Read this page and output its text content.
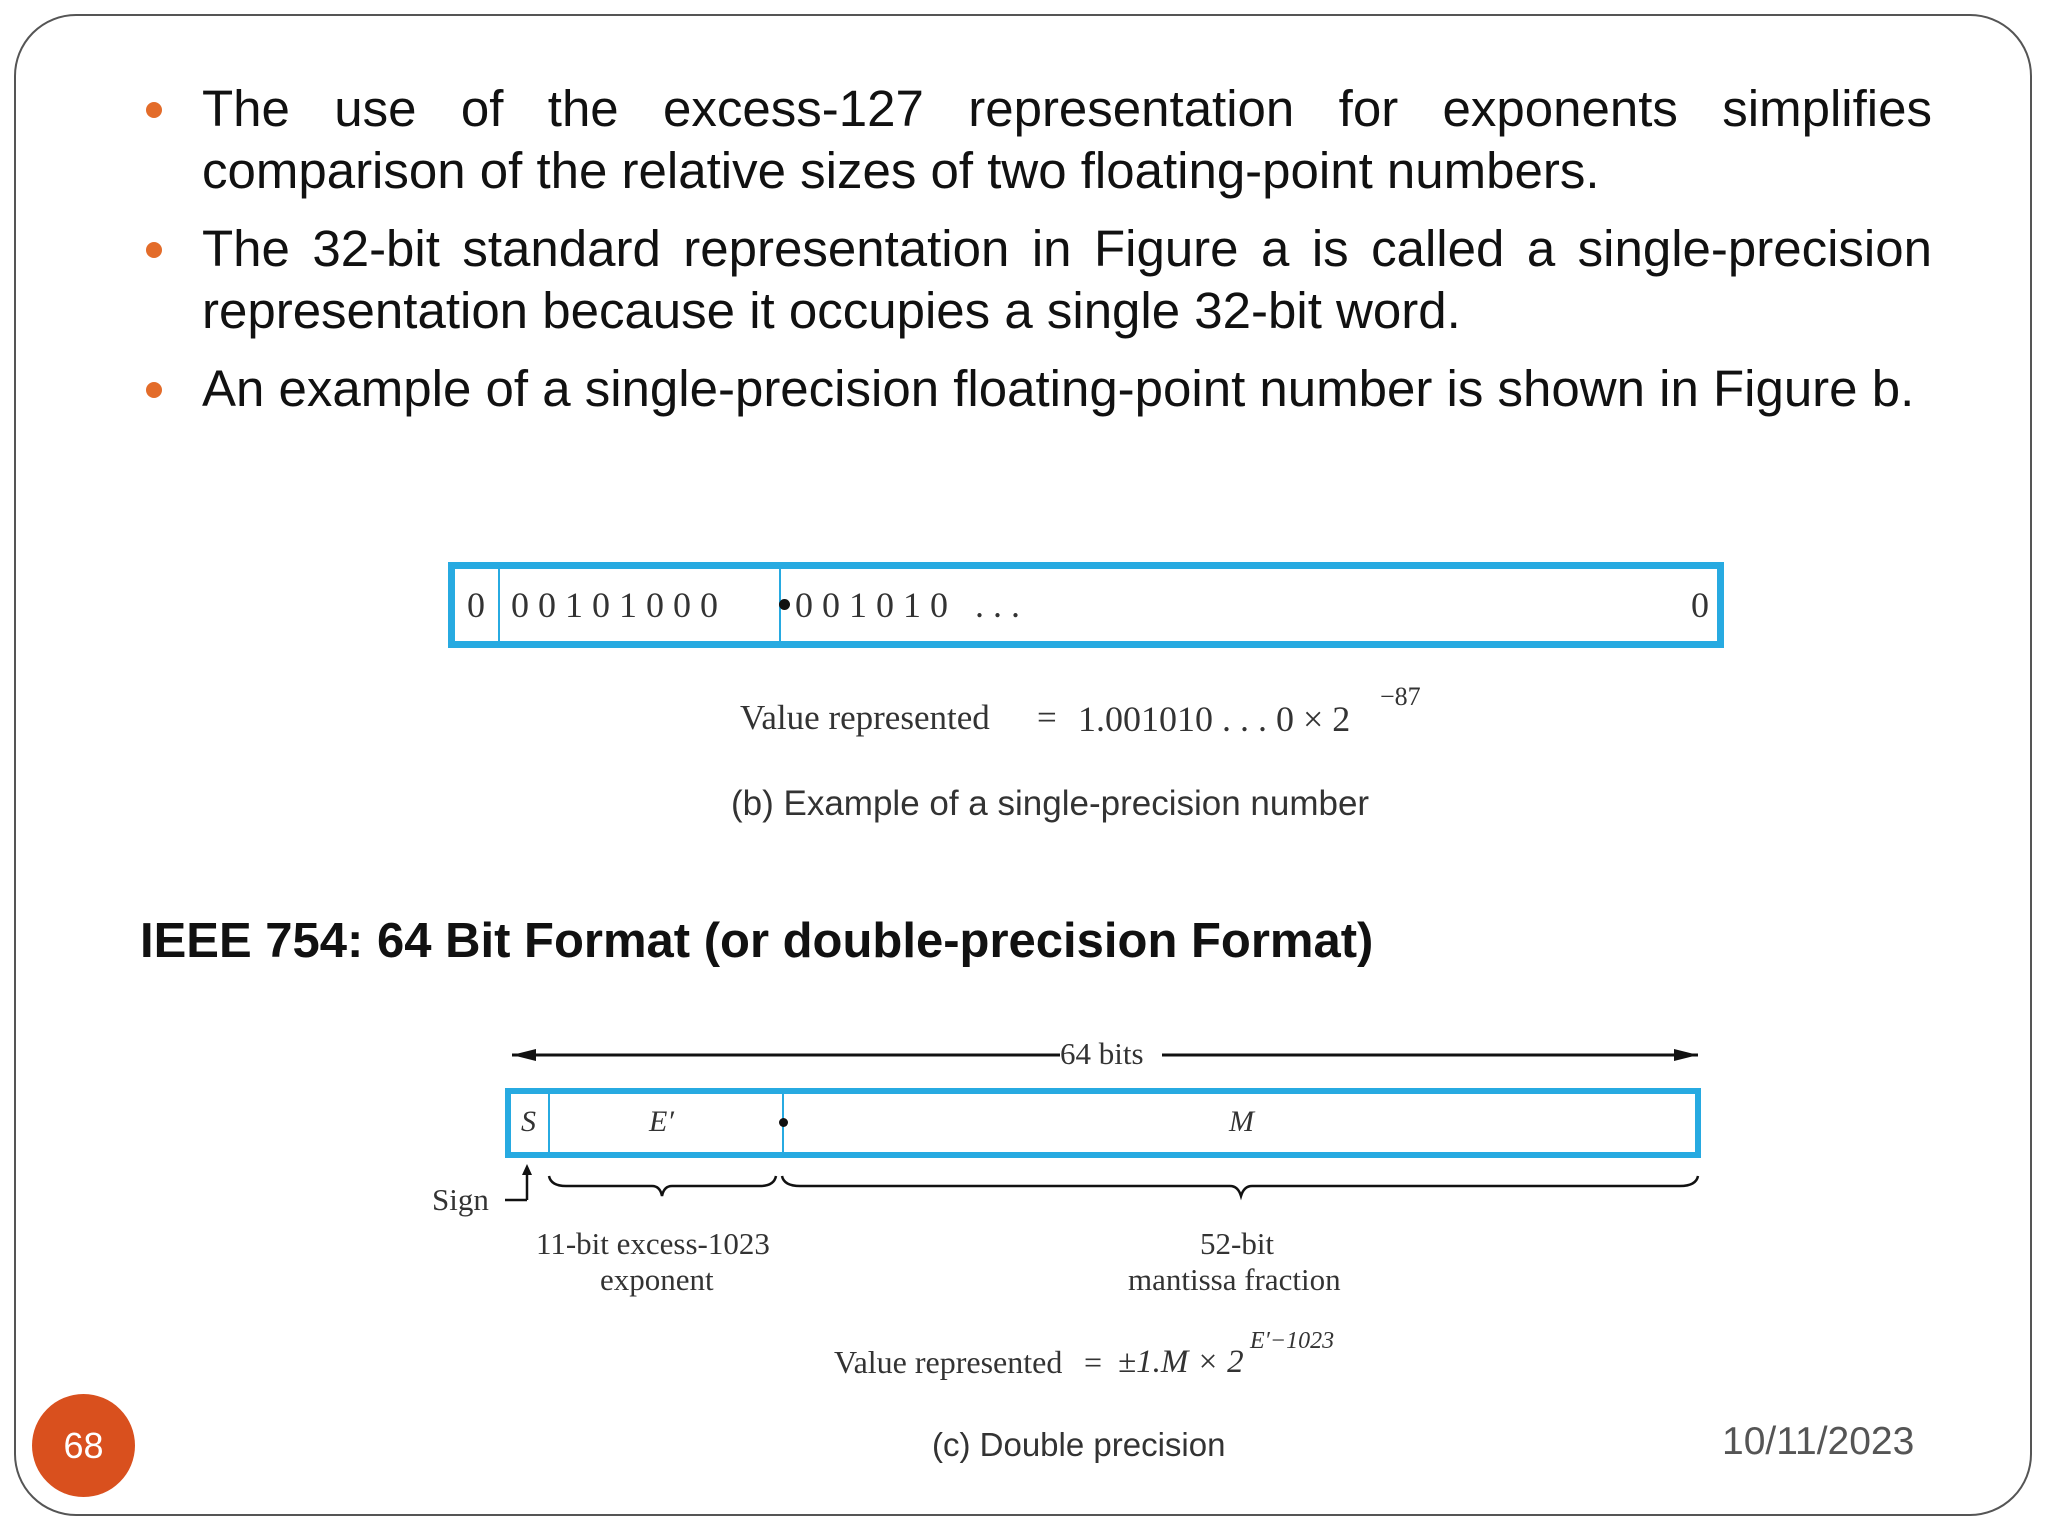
The use of the excess-127 representation for exponents simplifies comparison of the relative sizes of two floating-point numbers.
The 32-bit standard representation in Figure a is called a single-precision representation because it occupies a single 32-bit word.
An example of a single-precision floating-point number is shown in Figure b.
0 00101000 001010 ...	0
Value represented = 1.001010 . . . 0 × 2
−87
(b) Example of a single-precision number
IEEE 754: 64 Bit Format (or double-precision Format)
64 bits
S	E′	M
Sign
11-bit excess-1023
exponent
52-bit
mantissa fraction
Value represented = ±1.M × 2
E′−1023
(c) Double precision
68	10/11/2023
